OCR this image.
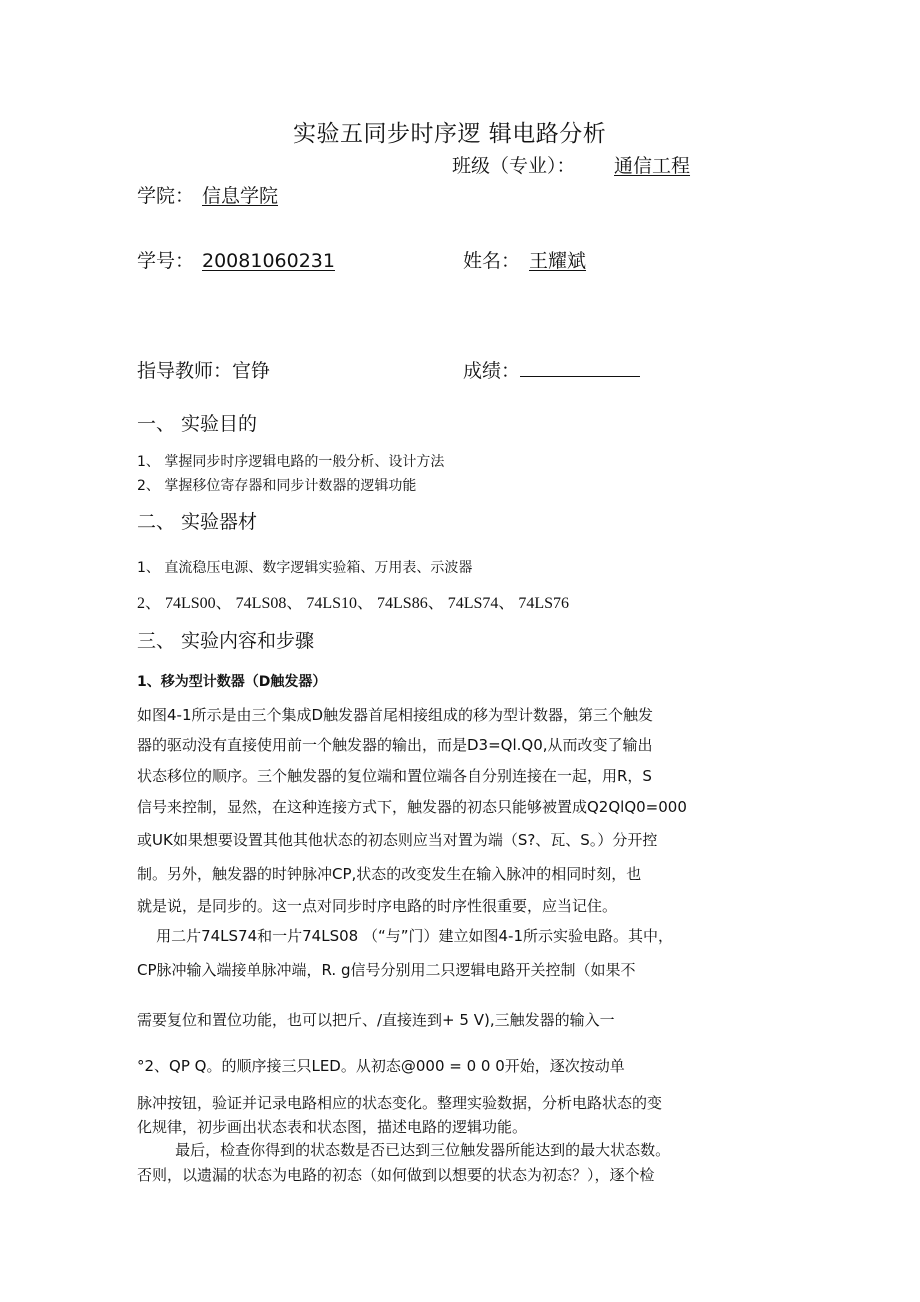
实验五同步时序逻 辑电路分析
班级（专业）： 通信工程
学院： 信息学院
学号： 20081060231	姓名： 王耀斌
指导教师：官铮	成绩：
一、 实验目的
1、 掌握同步时序逻辑电路的一般分析、设计方法
2、 掌握移位寄存器和同步计数器的逻辑功能
二、 实验器材
1、 直流稳压电源、数字逻辑实验箱、万用表、示波器
2、 74LS00、 74LS08、 74LS10、 74LS86、 74LS74、 74LS76
三、 实验内容和步骤
1、移为型计数器（D触发器）
如图4-1所示是由三个集成D触发器首尾相接组成的移为型计数器，第三个触发
器的驱动没有直接使用前一个触发器的输出，而是D3=Ql.Q0,从而改变了输出
状态移位的顺序。三个触发器的复位端和置位端各自分别连接在一起，用R，S
信号来控制，显然，在这种连接方式下，触发器的初态只能够被置成Q2QlQ0=000
或UK如果想要设置其他其他状态的初态则应当对置为端（S?、瓦、S。）分开控
制。另外，触发器的时钟脉冲CP,状态的改变发生在输入脉冲的相同时刻，也
就是说，是同步的。这一点对同步时序电路的时序性很重要，应当记住。
用二片74LS74和一片74LS08 （“与”门）建立如图4-1所示实验电路。其中，
CP脉冲输入端接单脉冲端，R. g信号分别用二只逻辑电路开关控制（如果不
需要复位和置位功能，也可以把斤、/直接连到+ 5 V),三触发器的输入一
°2、QP Q。的顺序接三只LED。从初态@000 = 0 0 0开始，逐次按动单
脉冲按钮，验证并记录电路相应的状态变化。整理实验数据，分析电路状态的变
化规律，初步画出状态表和状态图，描述电路的逻辑功能。
最后，检查你得到的状态数是否已达到三位触发器所能达到的最大状态数。
否则，以遗漏的状态为电路的初态（如何做到以想要的状态为初态？），逐个检
